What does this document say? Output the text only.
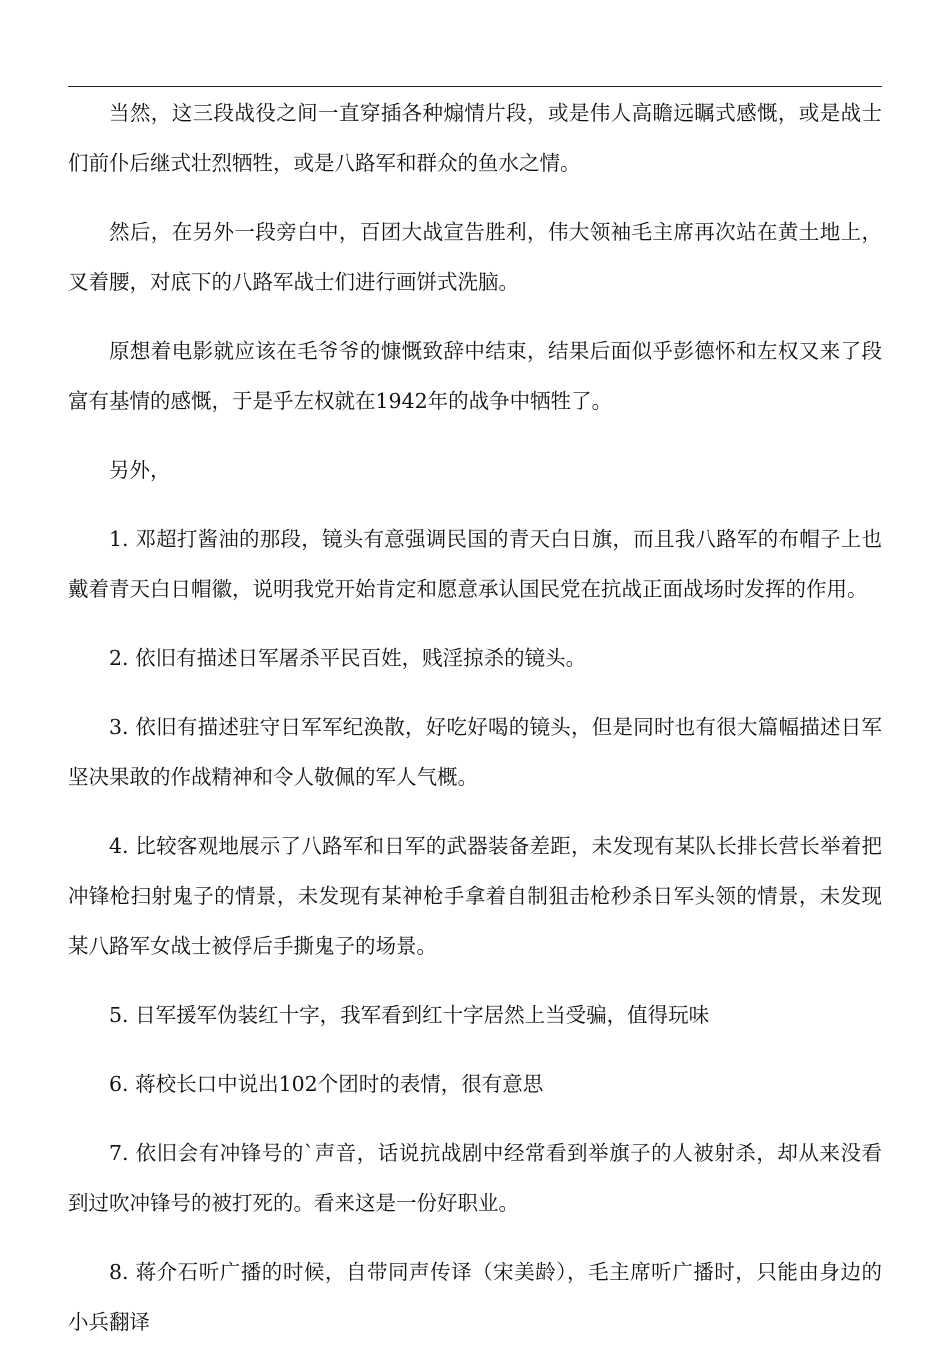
当然，这三段战役之间一直穿插各种煽情片段，或是伟人高瞻远瞩式感慨，或是战士们前仆后继式壮烈牺牲，或是八路军和群众的鱼水之情。

然后，在另外一段旁白中，百团大战宣告胜利，伟大领袖毛主席再次站在黄土地上，叉着腰，对底下的八路军战士们进行画饼式洗脑。

原想着电影就应该在毛爷爷的慷慨致辞中结束，结果后面似乎彭德怀和左权又来了段富有基情的感慨，于是乎左权就在1942年的战争中牺牲了。

另外，

1. 邓超打酱油的那段，镜头有意强调民国的青天白日旗，而且我八路军的布帽子上也戴着青天白日帽徽，说明我党开始肯定和愿意承认国民党在抗战正面战场时发挥的作用。

2. 依旧有描述日军屠杀平民百姓，贱淫掠杀的镜头。

3. 依旧有描述驻守日军军纪涣散，好吃好喝的镜头，但是同时也有很大篇幅描述日军坚决果敢的作战精神和令人敬佩的军人气概。

4. 比较客观地展示了八路军和日军的武器装备差距，未发现有某队长排长营长举着把冲锋枪扫射鬼子的情景，未发现有某神枪手拿着自制狙击枪秒杀日军头领的情景，未发现某八路军女战士被俘后手撕鬼子的场景。

5. 日军援军伪装红十字，我军看到红十字居然上当受骗，值得玩味

6. 蒋校长口中说出102个团时的表情，很有意思

7. 依旧会有冲锋号的`声音，话说抗战剧中经常看到举旗子的人被射杀，却从来没看到过吹冲锋号的被打死的。看来这是一份好职业。

8. 蒋介石听广播的时候，自带同声传译（宋美龄），毛主席听广播时，只能由身边的小兵翻译
